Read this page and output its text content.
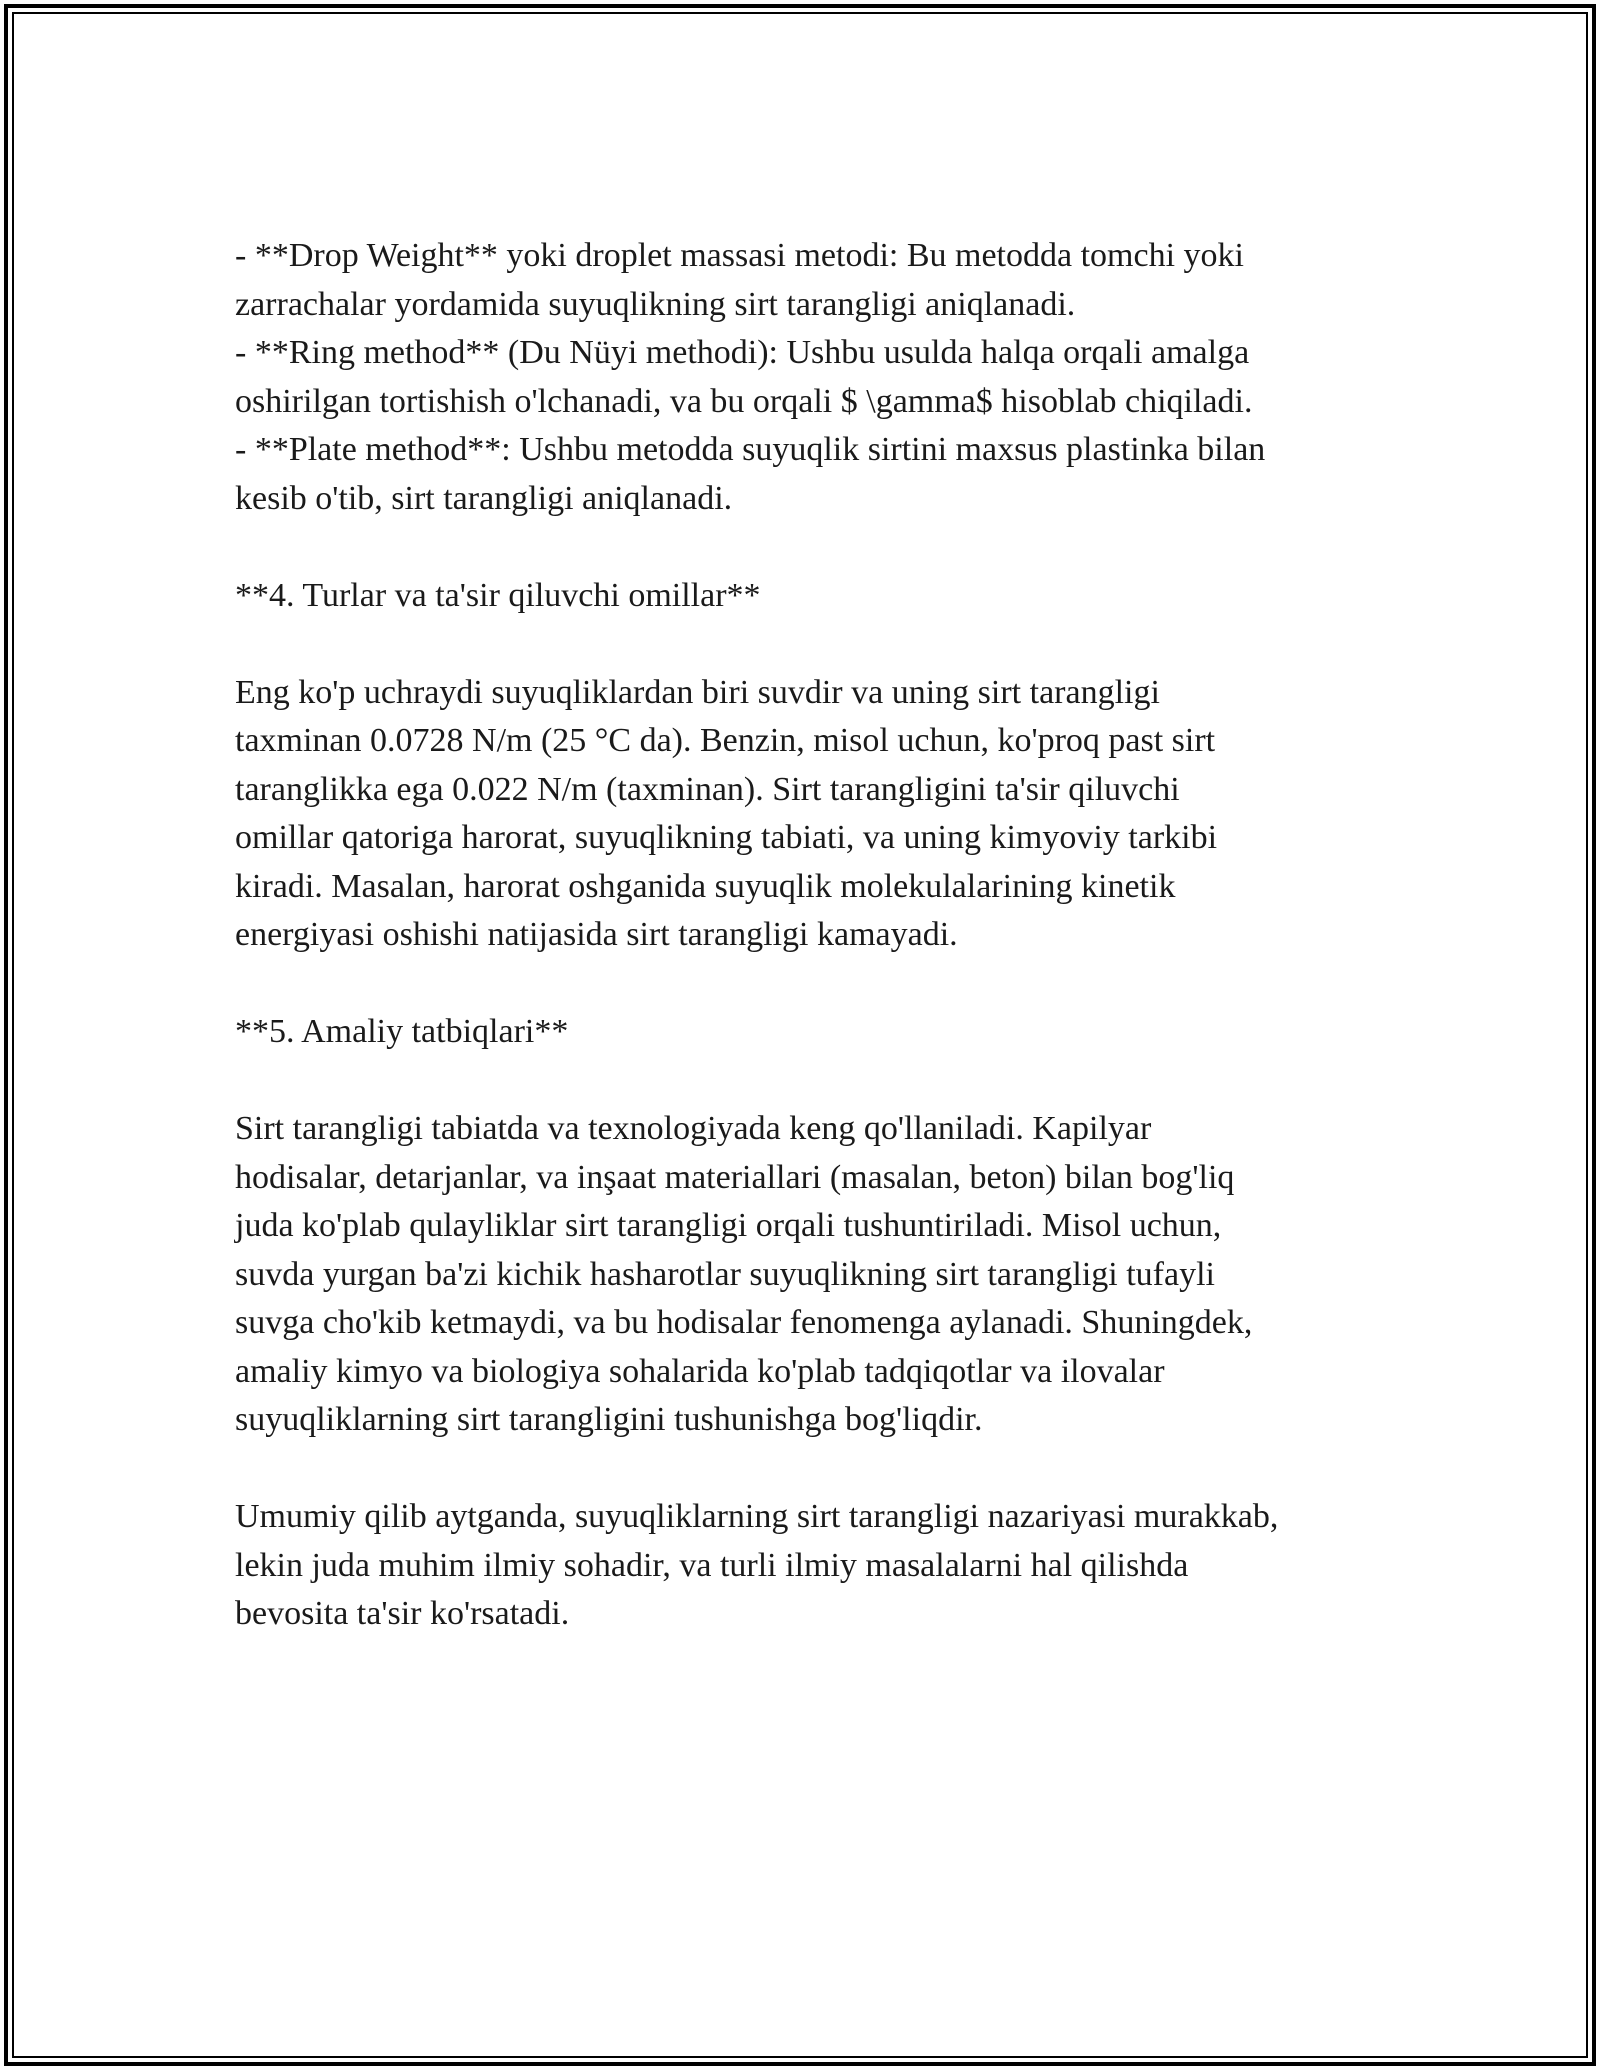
- **Drop Weight** yoki droplet massasi metodi: Bu metodda tomchi yoki
zarrachalar yordamida suyuqlikning sirt tarangligi aniqlanadi.
- **Ring method** (Du Nüyi methodi): Ushbu usulda halqa orqali amalga
oshirilgan tortishish o'lchanadi, va bu orqali $ \gamma$ hisoblab chiqiladi.
- **Plate method**: Ushbu metodda suyuqlik sirtini maxsus plastinka bilan
kesib o'tib, sirt tarangligi aniqlanadi.
**4. Turlar va ta'sir qiluvchi omillar**
Eng ko'p uchraydi suyuqliklardan biri suvdir va uning sirt tarangligi
taxminan 0.0728 N/m (25 °C da). Benzin, misol uchun, ko'proq past sirt
taranglikka ega 0.022 N/m (taxminan). Sirt tarangligini ta'sir qiluvchi
omillar qatoriga harorat, suyuqlikning tabiati, va uning kimyoviy tarkibi
kiradi. Masalan, harorat oshganida suyuqlik molekulalarining kinetik
energiyasi oshishi natijasida sirt tarangligi kamayadi.
**5. Amaliy tatbiqlari**
Sirt tarangligi tabiatda va texnologiyada keng qo'llaniladi. Kapilyar
hodisalar, detarjanlar, va inşaat materiallari (masalan, beton) bilan bog'liq
juda ko'plab qulayliklar sirt tarangligi orqali tushuntiriladi. Misol uchun,
suvda yurgan ba'zi kichik hasharotlar suyuqlikning sirt tarangligi tufayli
suvga cho'kib ketmaydi, va bu hodisalar fenomenga aylanadi. Shuningdek,
amaliy kimyo va biologiya sohalarida ko'plab tadqiqotlar va ilovalar
suyuqliklarning sirt tarangligini tushunishga bog'liqdir.
Umumiy qilib aytganda, suyuqliklarning sirt tarangligi nazariyasi murakkab,
lekin juda muhim ilmiy sohadir, va turli ilmiy masalalarni hal qilishda
bevosita ta'sir ko'rsatadi.
